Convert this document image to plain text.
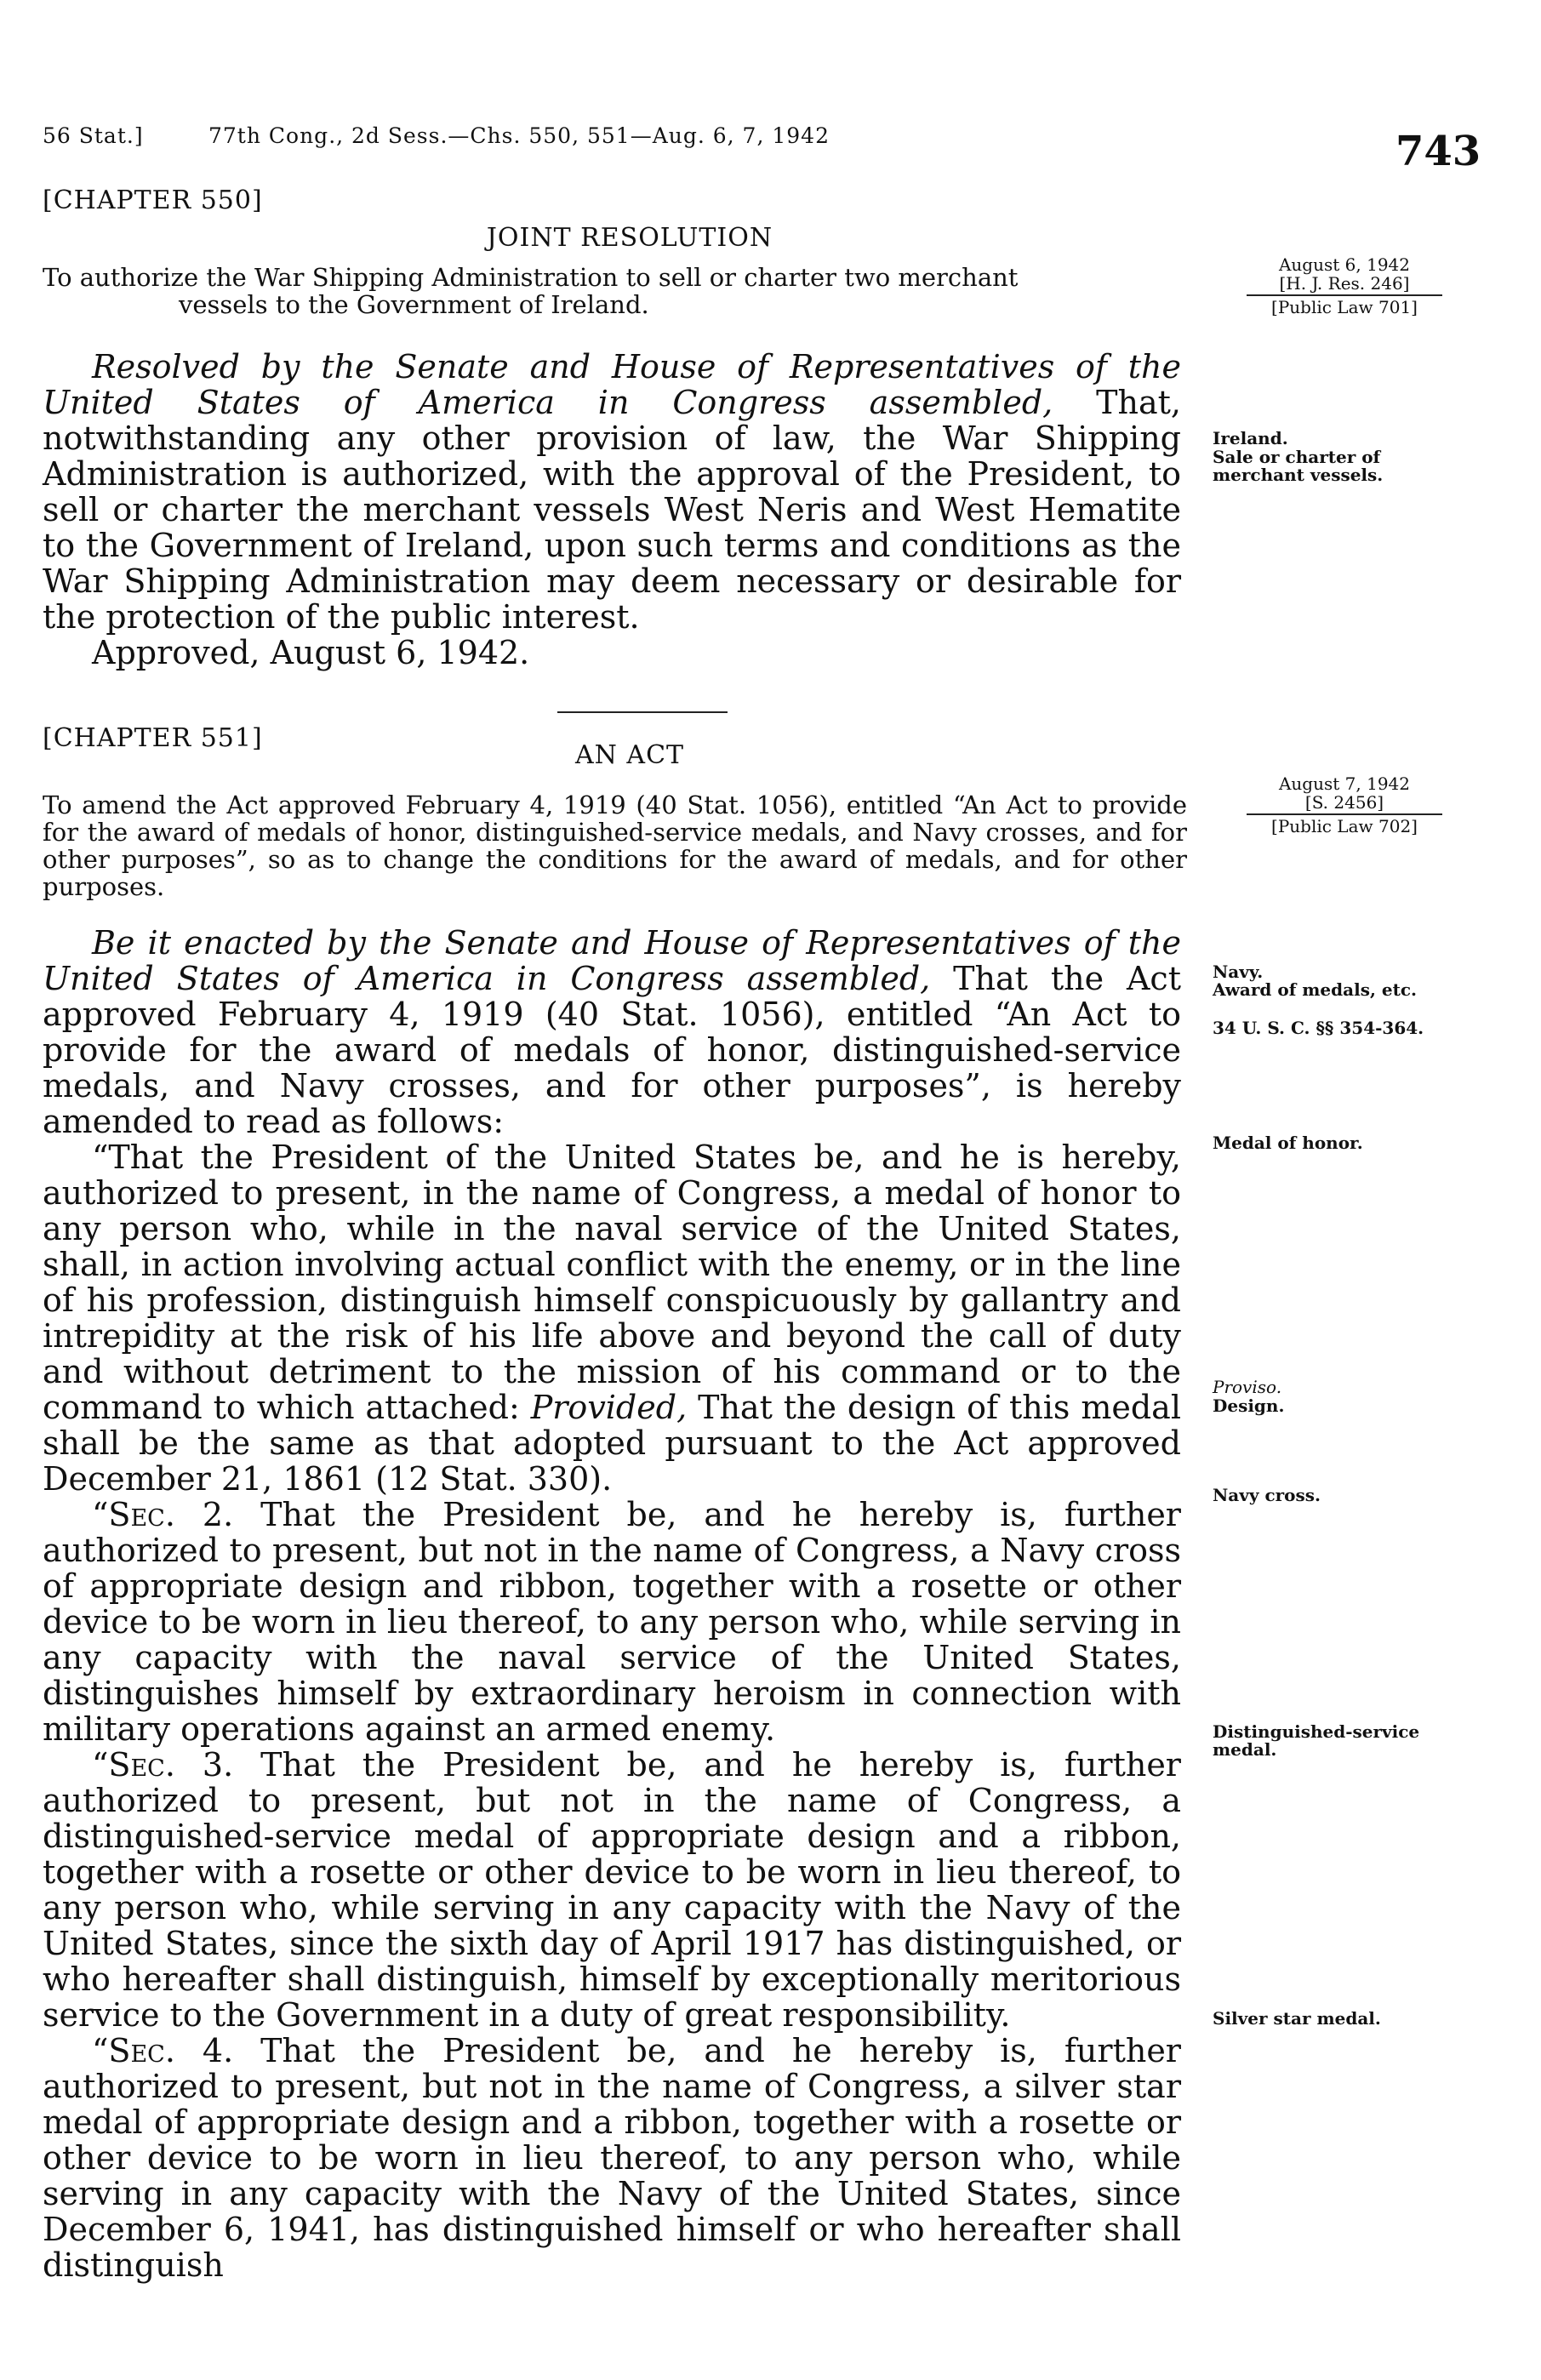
56 Stat.]	77th Cong., 2d Sess.—Chs. 550, 551—Aug. 6, 7, 1942	743
[CHAPTER 550]
JOINT RESOLUTION
To authorize the War Shipping Administration to sell or charter two merchant
vessels to the Government of Ireland.
August 6, 1942
[H. J. Res. 246]
[Public Law 701]

Resolved by the Senate and House of Representatives of the United States of America in Congress assembled, That, notwithstanding any other provision of law, the War Shipping Administration is authorized, with the approval of the President, to sell or charter the merchant vessels West Neris and West Hematite to the Government of Ireland, upon such terms and conditions as the War Shipping Administration may deem necessary or desirable for the protection of the public interest.

Approved, August 6, 1942.

Ireland.
Sale or charter of merchant vessels.
[CHAPTER 551]
AN ACT
To amend the Act approved February 4, 1919 (40 Stat. 1056), entitled “An Act to provide for the award of medals of honor, distinguished-service medals, and Navy crosses, and for other purposes”, so as to change the conditions for the award of medals, and for other purposes.
August 7, 1942
[S. 2456]
[Public Law 702]

Be it enacted by the Senate and House of Representatives of the United States of America in Congress assembled, That the Act approved February 4, 1919 (40 Stat. 1056), entitled “An Act to provide for the award of medals of honor, distinguished-service medals, and Navy crosses, and for other purposes”, is hereby amended to read as follows:

“That the President of the United States be, and he is hereby, authorized to present, in the name of Congress, a medal of honor to any person who, while in the naval service of the United States, shall, in action involving actual conflict with the enemy, or in the line of his profession, distinguish himself conspicuously by gallantry and intrepidity at the risk of his life above and beyond the call of duty and without detriment to the mission of his command or to the command to which attached: Provided, That the design of this medal shall be the same as that adopted pursuant to the Act approved December 21, 1861 (12 Stat. 330).

“Sec. 2. That the President be, and he hereby is, further authorized to present, but not in the name of Congress, a Navy cross of appropriate design and ribbon, together with a rosette or other device to be worn in lieu thereof, to any person who, while serving in any capacity with the naval service of the United States, distinguishes himself by extraordinary heroism in connection with military operations against an armed enemy.

“Sec. 3. That the President be, and he hereby is, further authorized to present, but not in the name of Congress, a distinguished-service medal of appropriate design and a ribbon, together with a rosette or other device to be worn in lieu thereof, to any person who, while serving in any capacity with the Navy of the United States, since the sixth day of April 1917 has distinguished, or who hereafter shall distinguish, himself by exceptionally meritorious service to the Government in a duty of great responsibility.

“Sec. 4. That the President be, and he hereby is, further authorized to present, but not in the name of Congress, a silver star medal of appropriate design and a ribbon, together with a rosette or other device to be worn in lieu thereof, to any person who, while serving in any capacity with the Navy of the United States, since December 6, 1941, has distinguished himself or who hereafter shall distinguish

Navy.
Award of medals, etc.
34 U. S. C. §§ 354-364.
Medal of honor.
Proviso.
Design.
Navy cross.
Distinguished-service medal.
Silver star medal.
